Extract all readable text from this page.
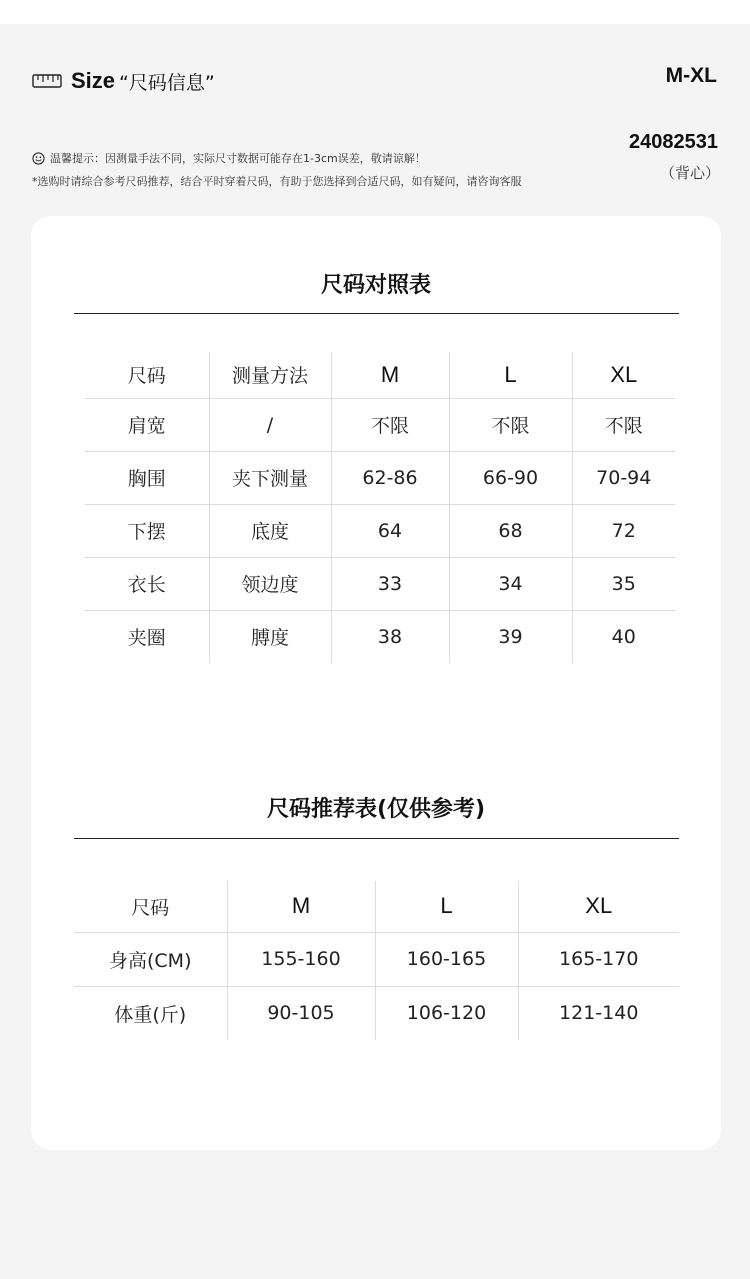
Size “尺码信息”	M-XL
温馨提示：因测量手法不同，实际尺寸数据可能存在1-3cm误差，敬请谅解！
*选购时请综合参考尺码推荐，结合平时穿着尺码，有助于您选择到合适尺码，如有疑问，请咨询客服
24082531
（背心）
尺码对照表
尺码	测量方法	M	L	XL
肩宽	/	不限	不限	不限
胸围	夹下测量	62-86	66-90	70-94
下摆	底度	64	68	72
衣长	领边度	33	34	35
夹圈	膊度	38	39	40
尺码推荐表(仅供参考)
尺码	M	L	XL
身高(CM)	155-160	160-165	165-170
体重(斤)	90-105	106-120	121-140
